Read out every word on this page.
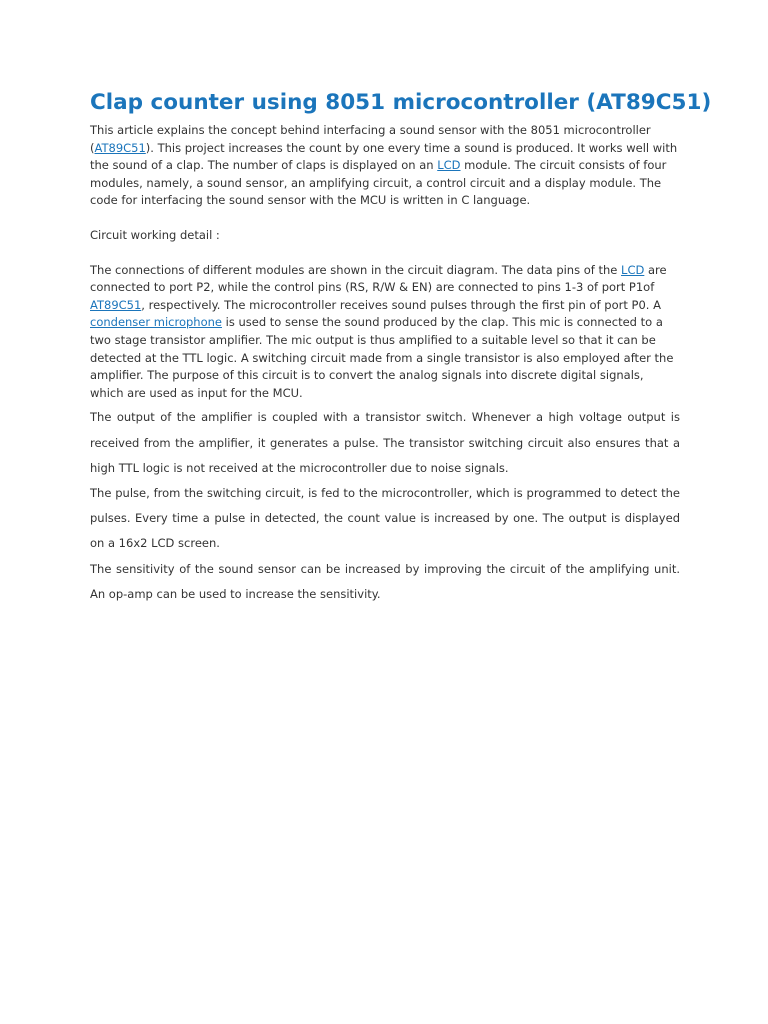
Clap counter using 8051 microcontroller (AT89C51)

This article explains the concept behind interfacing a sound sensor with the 8051 microcontroller (AT89C51). This project increases the count by one every time a sound is produced. It works well with the sound of a clap. The number of claps is displayed on an LCD module. The circuit consists of four modules, namely, a sound sensor, an amplifying circuit, a control circuit and a display module. The code for interfacing the sound sensor with the MCU is written in C language.

Circuit working detail :

The connections of different modules are shown in the circuit diagram. The data pins of the LCD are connected to port P2, while the control pins (RS, R/W & EN) are connected to pins 1-3 of port P1of AT89C51, respectively. The microcontroller receives sound pulses through the first pin of port P0. A condenser microphone is used to sense the sound produced by the clap. This mic is connected to a two stage transistor amplifier. The mic output is thus amplified to a suitable level so that it can be detected at the TTL logic. A switching circuit made from a single transistor is also employed after the amplifier. The purpose of this circuit is to convert the analog signals into discrete digital signals, which are used as input for the MCU.

The output of the amplifier is coupled with a transistor switch. Whenever a high voltage output is received from the amplifier, it generates a pulse. The transistor switching circuit also ensures that a high TTL logic is not received at the microcontroller due to noise signals.

The pulse, from the switching circuit, is fed to the microcontroller, which is programmed to detect the pulses. Every time a pulse in detected, the count value is increased by one. The output is displayed on a 16x2 LCD screen.

The sensitivity of the sound sensor can be increased by improving the circuit of the amplifying unit. An op-amp can be used to increase the sensitivity.
